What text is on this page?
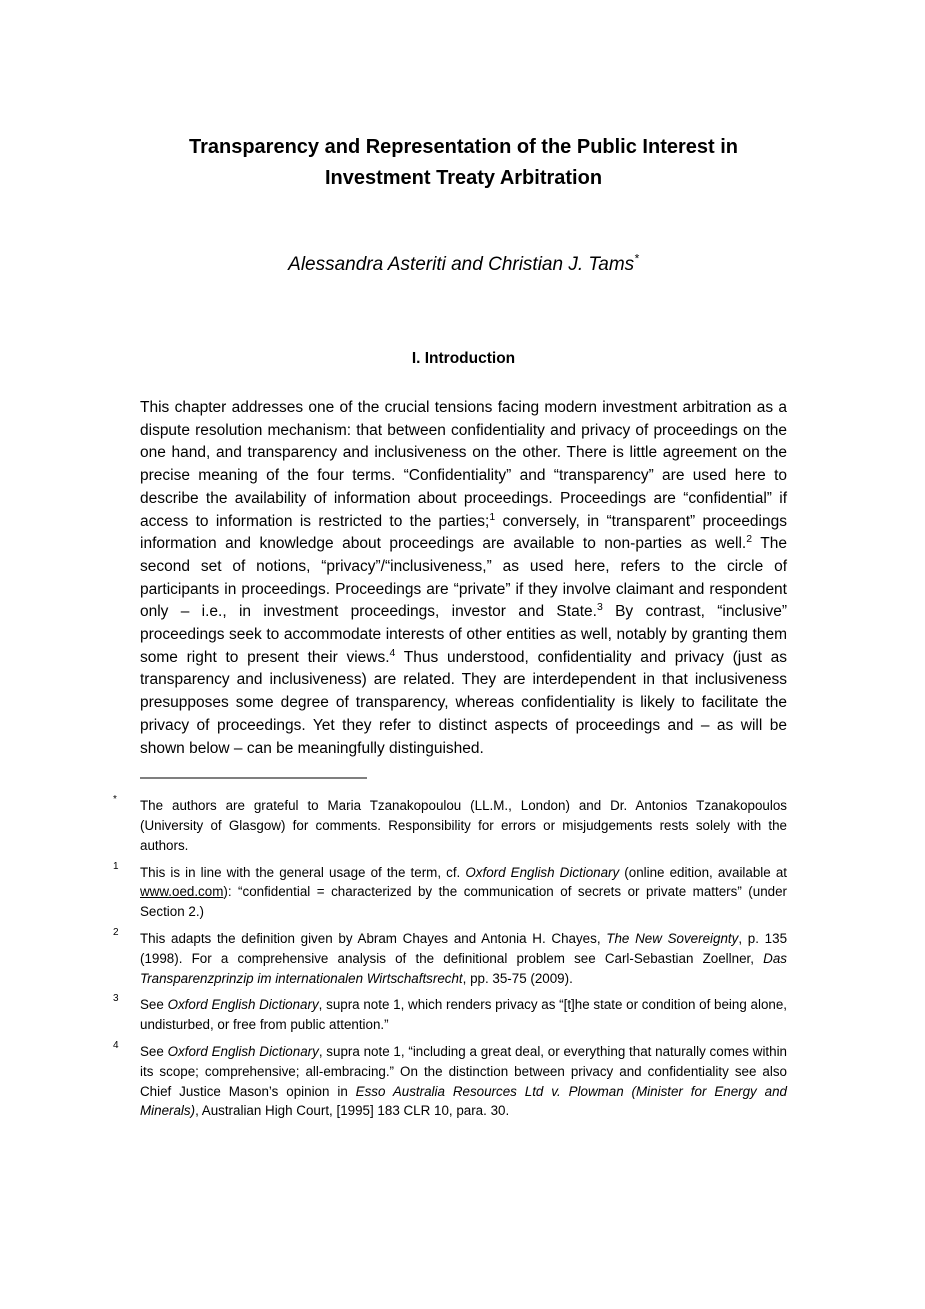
Transparency and Representation of the Public Interest in
Investment Treaty Arbitration
Alessandra Asteriti and Christian J. Tams*
I. Introduction

This chapter addresses one of the crucial tensions facing modern investment arbitration as a dispute resolution mechanism: that between confidentiality and privacy of proceedings on the one hand, and transparency and inclusiveness on the other. There is little agreement on the precise meaning of the four terms. “Confidentiality” and “transparency” are used here to describe the availability of information about proceedings. Proceedings are “confidential” if access to information is restricted to the parties;$^1$ conversely, in “transparent” proceedings information and knowledge about proceedings are available to non-parties as well.$^2$ The second set of notions, “privacy”/“inclusiveness,” as used here, refers to the circle of participants in proceedings. Proceedings are “private” if they involve claimant and respondent only – i.e., in investment proceedings, investor and State.$^3$ By contrast, “inclusive” proceedings seek to accommodate interests of other entities as well, notably by granting them some right to present their views.$^4$ Thus understood, confidentiality and privacy (just as transparency and inclusiveness) are related. They are interdependent in that inclusiveness presupposes some degree of transparency, whereas confidentiality is likely to facilitate the privacy of proceedings. Yet they refer to distinct aspects of proceedings and – as will be shown below – can be meaningfully distinguished.

* The authors are grateful to Maria Tzanakopoulou (LL.M., London) and Dr. Antonios Tzanakopoulos (University of Glasgow) for comments. Responsibility for errors or misjudgements rests solely with the authors.
1 This is in line with the general usage of the term, cf. Oxford English Dictionary (online edition, available at www.oed.com): “confidential = characterized by the communication of secrets or private matters” (under Section 2.)
2 This adapts the definition given by Abram Chayes and Antonia H. Chayes, The New Sovereignty, p. 135 (1998). For a comprehensive analysis of the definitional problem see Carl-Sebastian Zoellner, Das Transparenzprinzip im internationalen Wirtschaftsrecht, pp. 35-75 (2009).
3 See Oxford English Dictionary, supra note 1, which renders privacy as “[t]he state or condition of being alone, undisturbed, or free from public attention.”
4 See Oxford English Dictionary, supra note 1, “including a great deal, or everything that naturally comes within its scope; comprehensive; all-embracing.” On the distinction between privacy and confidentiality see also Chief Justice Mason’s opinion in Esso Australia Resources Ltd v. Plowman (Minister for Energy and Minerals), Australian High Court, [1995] 183 CLR 10, para. 30.
